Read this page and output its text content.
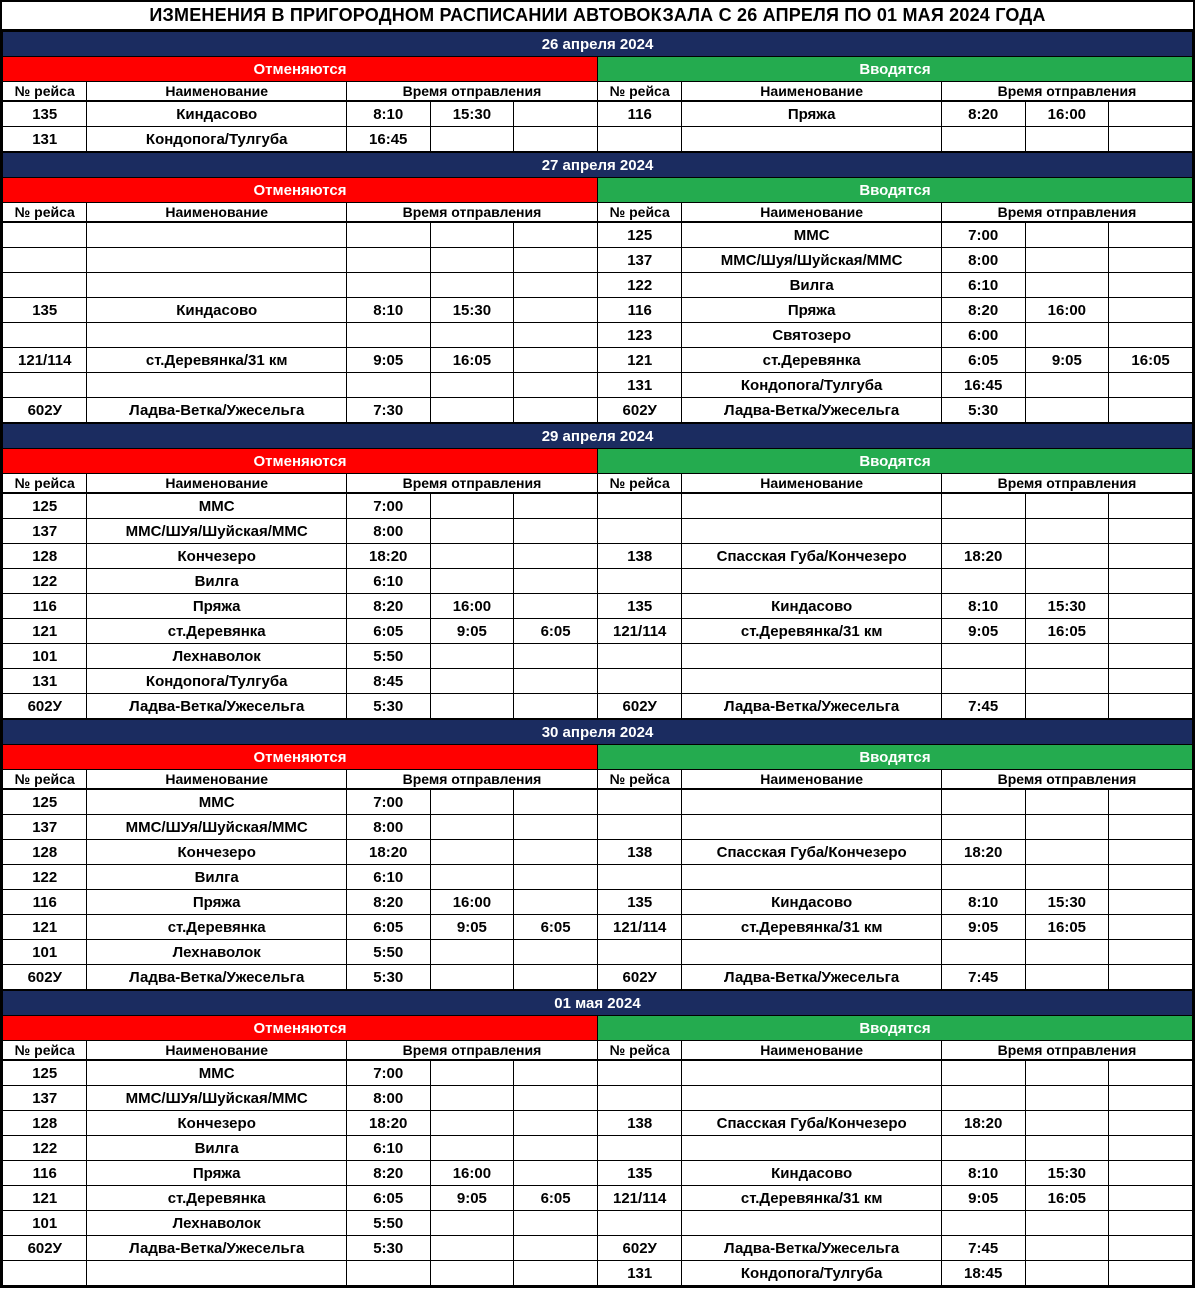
ИЗМЕНЕНИЯ В ПРИГОРОДНОМ РАСПИСАНИИ АВТОВОКЗАЛА С 26 АПРЕЛЯ ПО 01 МАЯ 2024 ГОДА
26 апреля 2024									
Отменяются					Вводятся				
№ рейса	Наименование	Время отправления			№ рейса	Наименование	Время отправления		
135	Киндасово	8:10	15:30		116	Пряжа	8:20	16:00	
131	Кондопога/Тулгуба	16:45							
27 апреля 2024									
Отменяются					Вводятся				
№ рейса	Наименование	Время отправления			№ рейса	Наименование	Время отправления		
					125	ММС	7:00		
					137	ММС/Шуя/Шуйская/ММС	8:00		
					122	Вилга	6:10		
135	Киндасово	8:10	15:30		116	Пряжа	8:20	16:00	
					123	Святозеро	6:00		
121/114	ст.Деревянка/31 км	9:05	16:05		121	ст.Деревянка	6:05	9:05	16:05
					131	Кондопога/Тулгуба	16:45		
602У	Ладва-Ветка/Ужесельга	7:30			602У	Ладва-Ветка/Ужесельга	5:30		
29 апреля 2024									
Отменяются					Вводятся				
№ рейса	Наименование	Время отправления			№ рейса	Наименование	Время отправления		
125	ММС	7:00							
137	ММС/ШУя/Шуйская/ММС	8:00							
128	Кончезеро	18:20			138	Спасская Губа/Кончезеро	18:20		
122	Вилга	6:10							
116	Пряжа	8:20	16:00		135	Киндасово	8:10	15:30	
121	ст.Деревянка	6:05	9:05	6:05	121/114	ст.Деревянка/31 км	9:05	16:05	
101	Лехнаволок	5:50							
131	Кондопога/Тулгуба	8:45							
602У	Ладва-Ветка/Ужесельга	5:30			602У	Ладва-Ветка/Ужесельга	7:45		
30 апреля 2024									
Отменяются					Вводятся				
№ рейса	Наименование	Время отправления			№ рейса	Наименование	Время отправления		
125	ММС	7:00							
137	ММС/ШУя/Шуйская/ММС	8:00							
128	Кончезеро	18:20			138	Спасская Губа/Кончезеро	18:20		
122	Вилга	6:10							
116	Пряжа	8:20	16:00		135	Киндасово	8:10	15:30	
121	ст.Деревянка	6:05	9:05	6:05	121/114	ст.Деревянка/31 км	9:05	16:05	
101	Лехнаволок	5:50							
602У	Ладва-Ветка/Ужесельга	5:30			602У	Ладва-Ветка/Ужесельга	7:45		
01 мая 2024									
Отменяются					Вводятся				
№ рейса	Наименование	Время отправления			№ рейса	Наименование	Время отправления		
125	ММС	7:00							
137	ММС/ШУя/Шуйская/ММС	8:00							
128	Кончезеро	18:20			138	Спасская Губа/Кончезеро	18:20		
122	Вилга	6:10							
116	Пряжа	8:20	16:00		135	Киндасово	8:10	15:30	
121	ст.Деревянка	6:05	9:05	6:05	121/114	ст.Деревянка/31 км	9:05	16:05	
101	Лехнаволок	5:50							
602У	Ладва-Ветка/Ужесельга	5:30			602У	Ладва-Ветка/Ужесельга	7:45		
					131	Кондопога/Тулгуба	18:45		
